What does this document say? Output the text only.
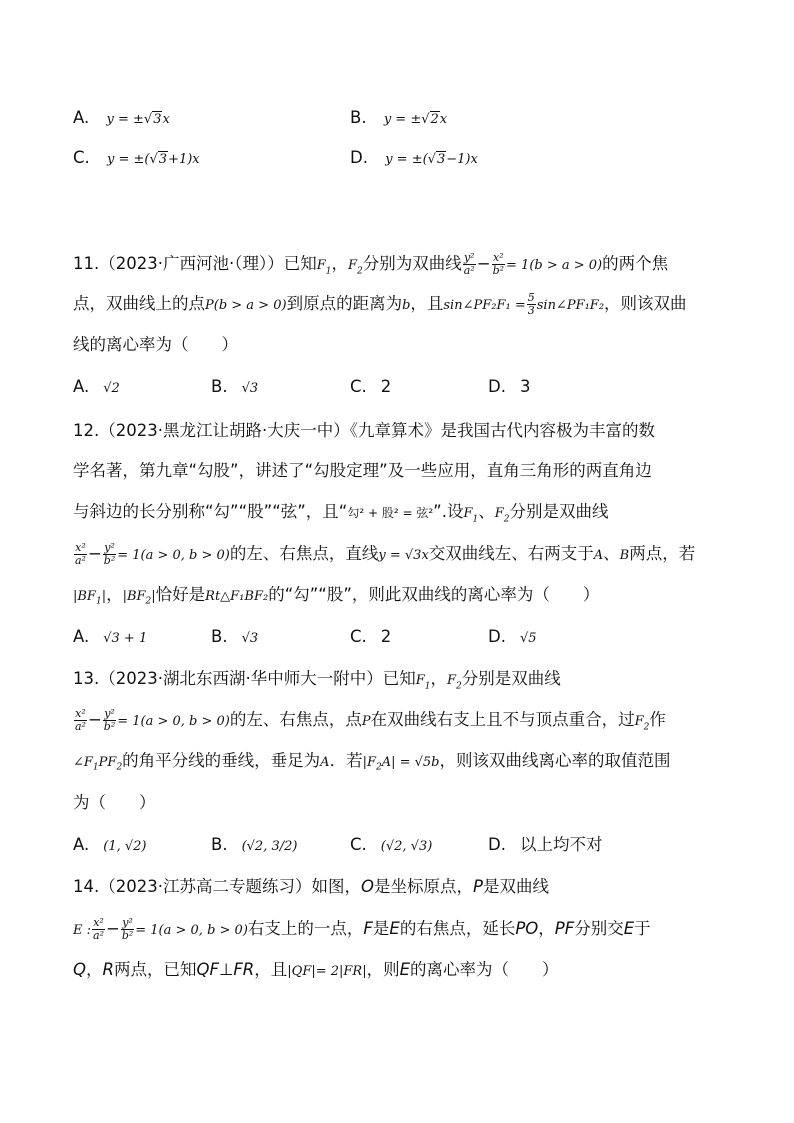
A. y = ±√3x	B. y = ±√2x
C. y = ±(√3+1)x	D. y = ±(√3−1)x
11.（2023·广西河池·（理））已知$F_1$，$F_2$分别为双曲线 $\frac{\text{y²}}{\text{a²}} - \frac{\text{x²}}{\text{b²}} = 1(b > a > 0)$的两个焦
点，双曲线上的点P(b > a > 0)到原点的距离为b，且sin∠PF₂F₁ = $\frac{5}{3}$ sin∠PF₁F₂，则该双曲
线的离心率为（　　）
A. √2	B. √3	C. 2	D. 3
12.（2023·黑龙江让胡路·大庆一中）《九章算术》是我国古代内容极为丰富的数
学名著，第九章“勾股”，讲述了“勾股定理”及一些应用，直角三角形的两直角边
与斜边的长分别称“勾”“股”“弦”，且“勾² + 股² = 弦²”.设$F_1$、$F_2$分别是双曲线
$\frac{\text{x²}}{\text{a²}} - \frac{\text{y²}}{\text{b²}} = 1(a > 0$, b > 0)的左、右焦点，直线y = √3x交双曲线左、右两支于A、B两点，若
$|BF_1|$，$|BF_2|$恰好是Rt△F₁BF₂的“勾”“股”，则此双曲线的离心率为（　　）
A. √3 + 1	B. √3	C. 2	D. √5
13.（2023·湖北东西湖·华中师大一附中）已知$F_1$，$F_2$分别是双曲线
$\frac{\text{x²}}{\text{a²}} - \frac{\text{y²}}{\text{b²}} = 1(a > 0$, b > 0)的左、右焦点，点P在双曲线右支上且不与顶点重合，过$F_2$作
$\angle F_1PF_2$的角平分线的垂线，垂足为A．若$|F_2A| = √5b$，则该双曲线离心率的取值范围
为（　　）
A. (1, √2)	B. (√2, 3/2)	C. (√2, √3)	D. 以上均不对
14.（2023·江苏高二专题练习）如图，O是坐标原点，P是双曲线
E : $\frac{\text{x²}}{\text{a²}} - \frac{\text{y²}}{\text{b²}} = 1(a > 0$, b > 0)右支上的一点，F是E的右焦点，延长PO，PF分别交E于
Q，R两点，已知QF⊥FR，且|QF|= 2|FR|，则E的离心率为（　　）
